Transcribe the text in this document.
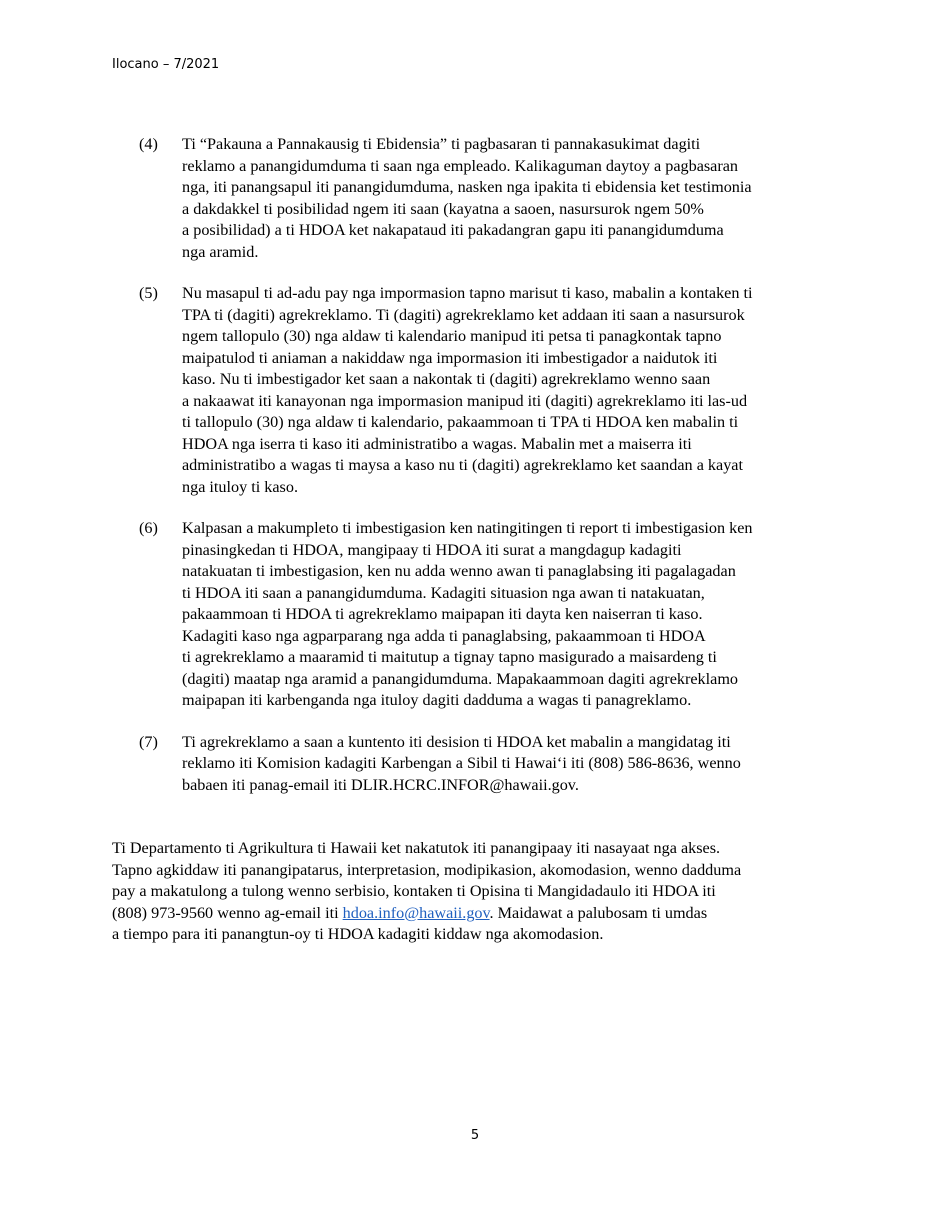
Ilocano – 7/2021
(4)	Ti “Pakauna a Pannakausig ti Ebidensia” ti pagbasaran ti pannakasukimat dagiti
reklamo a panangidumduma ti saan nga empleado. Kalikaguman daytoy a pagbasaran
nga, iti panangsapul iti panangidumduma, nasken nga ipakita ti ebidensia ket testimonia
a dakdakkel ti posibilidad ngem iti saan (kayatna a saoen, nasursurok ngem 50%
a posibilidad) a ti HDOA ket nakapataud iti pakadangran gapu iti panangidumduma
nga aramid.
(5)	Nu masapul ti ad-adu pay nga impormasion tapno marisut ti kaso, mabalin a kontaken ti
TPA ti (dagiti) agrekreklamo. Ti (dagiti) agrekreklamo ket addaan iti saan a nasursurok
ngem tallopulo (30) nga aldaw ti kalendario manipud iti petsa ti panagkontak tapno
maipatulod ti aniaman a nakiddaw nga impormasion iti imbestigador a naidutok iti
kaso. Nu ti imbestigador ket saan a nakontak ti (dagiti) agrekreklamo wenno saan
a nakaawat iti kanayonan nga impormasion manipud iti (dagiti) agrekreklamo iti las-ud
ti tallopulo (30) nga aldaw ti kalendario, pakaammoan ti TPA ti HDOA ken mabalin ti
HDOA nga iserra ti kaso iti administratibo a wagas. Mabalin met a maiserra iti
administratibo a wagas ti maysa a kaso nu ti (dagiti) agrekreklamo ket saandan a kayat
nga ituloy ti kaso.
(6)	Kalpasan a makumpleto ti imbestigasion ken natingitingen ti report ti imbestigasion ken
pinasingkedan ti HDOA, mangipaay ti HDOA iti surat a mangdagup kadagiti
natakuatan ti imbestigasion, ken nu adda wenno awan ti panaglabsing iti pagalagadan
ti HDOA iti saan a panangidumduma. Kadagiti situasion nga awan ti natakuatan,
pakaammoan ti HDOA ti agrekreklamo maipapan iti dayta ken naiserran ti kaso.
Kadagiti kaso nga agparparang nga adda ti panaglabsing, pakaammoan ti HDOA
ti agrekreklamo a maaramid ti maitutup a tignay tapno masigurado a maisardeng ti
(dagiti) maatap nga aramid a panangidumduma. Mapakaammoan dagiti agrekreklamo
maipapan iti karbenganda nga ituloy dagiti dadduma a wagas ti panagreklamo.
(7)	Ti agrekreklamo a saan a kuntento iti desision ti HDOA ket mabalin a mangidatag iti
reklamo iti Komision kadagiti Karbengan a Sibil ti Hawai‘i iti (808) 586-8636, wenno
babaen iti panag-email iti DLIR.HCRC.INFOR@hawaii.gov.
Ti Departamento ti Agrikultura ti Hawaii ket nakatutok iti panangipaay iti nasayaat nga akses.
Tapno agkiddaw iti panangipatarus, interpretasion, modipikasion, akomodasion, wenno dadduma
pay a makatulong a tulong wenno serbisio, kontaken ti Opisina ti Mangidadaulo iti HDOA iti
(808) 973-9560 wenno ag-email iti hdoa.info@hawaii.gov. Maidawat a palubosam ti umdas
a tiempo para iti panangtun-oy ti HDOA kadagiti kiddaw nga akomodasion.
5
